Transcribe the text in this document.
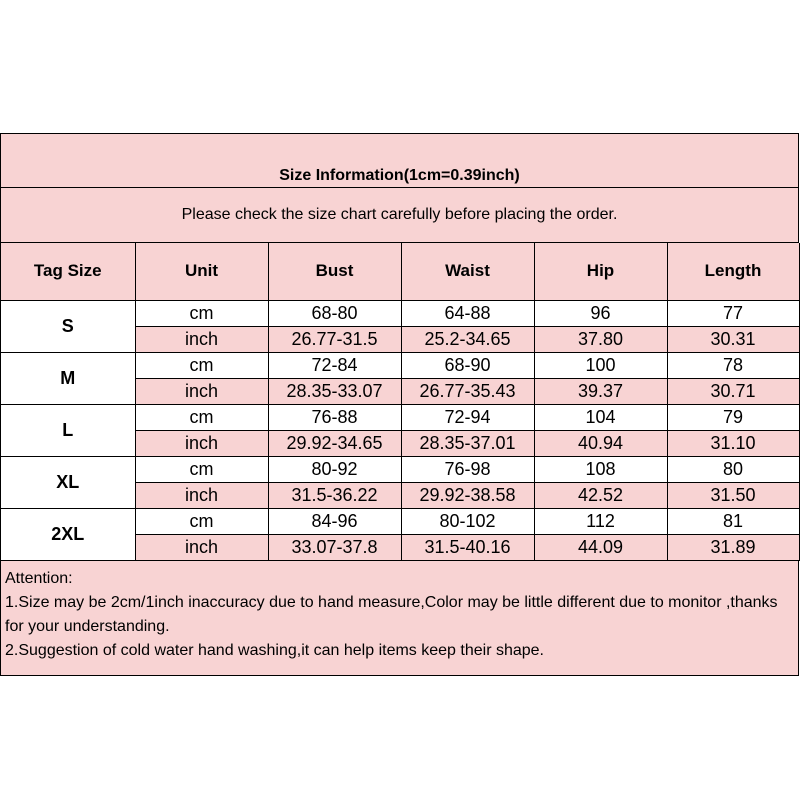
Size Information(1cm=0.39inch)
Please check the size chart carefully before placing the order.
Tag Size	Unit	Bust	Waist	Hip	Length
S	cm	68-80	64-88	96	77
	inch	26.77-31.5	25.2-34.65	37.80	30.31
M	cm	72-84	68-90	100	78
	inch	28.35-33.07	26.77-35.43	39.37	30.71
L	cm	76-88	72-94	104	79
	inch	29.92-34.65	28.35-37.01	40.94	31.10
XL	cm	80-92	76-98	108	80
	inch	31.5-36.22	29.92-38.58	42.52	31.50
2XL	cm	84-96	80-102	112	81
	inch	33.07-37.8	31.5-40.16	44.09	31.89
Attention:
1.Size may be 2cm/1inch inaccuracy due to hand measure,Color may be little different due to monitor ,thanks for your understanding.
2.Suggestion of cold water hand washing,it can help items keep their shape.
